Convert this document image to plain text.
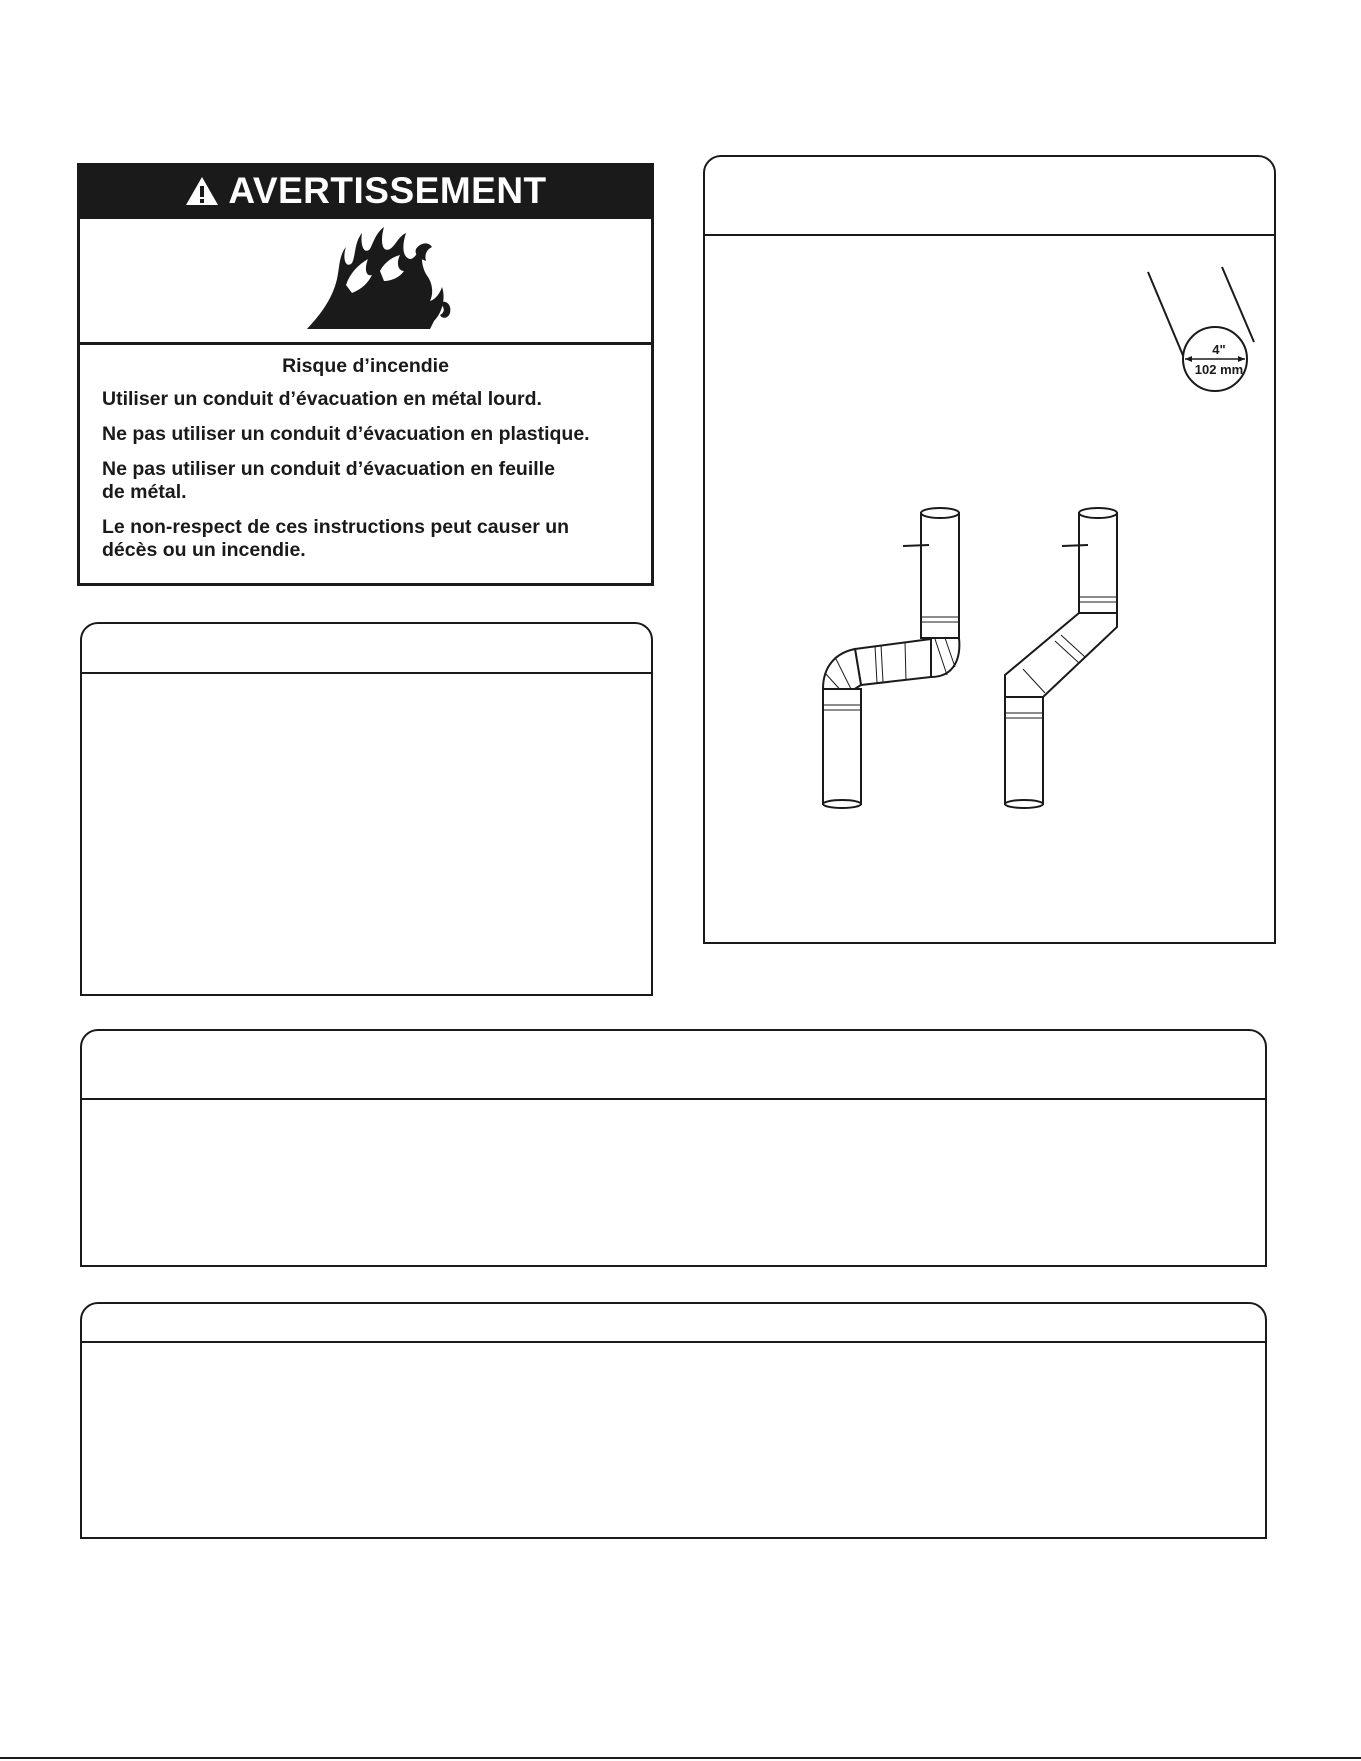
AVERTISSEMENT
Risque d’incendie

Utiliser un conduit d’évacuation en métal lourd.

Ne pas utiliser un conduit d’évacuation en plastique.

Ne pas utiliser un conduit d’évacuation en feuille de métal.

Le non-respect de ces instructions peut causer un décès ou un incendie.

4"
102 mm
